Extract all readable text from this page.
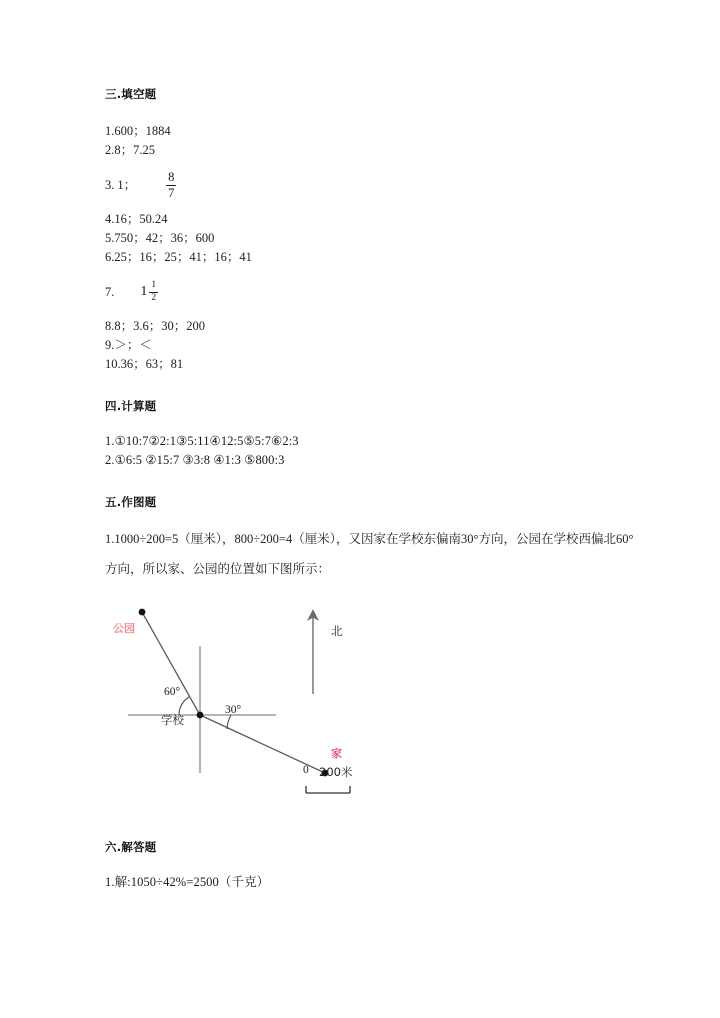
三.填空题
1.600；1884
2.8；7.25
3. 1； $\frac{8}{7}$
4.16；50.24
5.750；42；36；600
6.25；16；25；41；16；41
7. $1 \frac{1}{2}$
8.8；3.6；30；200
9.＞；＜
10.36；63；81
四.计算题
1.①10:7②2:1③5:11④12:5⑤5:7⑥2:3
2.①6:5 ②15:7 ③3:8 ④1:3 ⑤800:3
五.作图题
1.1000÷200=5（厘米），800÷200=4（厘米），又因家在学校东偏南30°方向，公园在学校西偏北60°方向，所以家、公园的位置如下图所示：
公园
家
学校
北
60°
30°
0 200米
六.解答题
1.解:1050÷42%=2500（千克）
